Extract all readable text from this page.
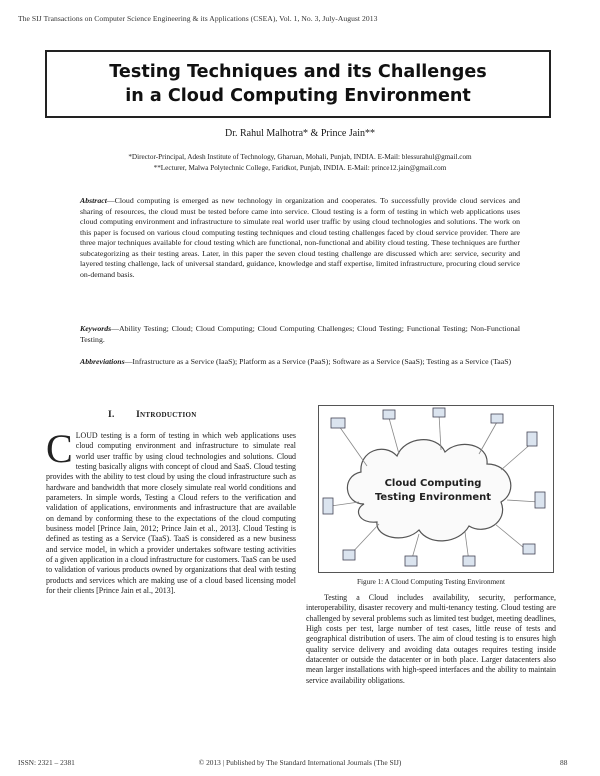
The SIJ Transactions on Computer Science Engineering & its Applications (CSEA), Vol. 1, No. 3, July-August 2013
Testing Techniques and its Challenges
in a Cloud Computing Environment
Dr. Rahul Malhotra* & Prince Jain**
*Director-Principal, Adesh Institute of Technology, Gharuan, Mohali, Punjab, INDIA. E-Mail: blessurahul@gmail.com
**Lecturer, Malwa Polytechnic College, Faridkot, Punjab, INDIA. E-Mail: prince12.jain@gmail.com
Abstract—Cloud computing is emerged as new technology in organization and cooperates. To successfully provide cloud services and sharing of resources, the cloud must be tested before came into service. Cloud testing is a form of testing in which web applications uses cloud computing environment and infrastructure to simulate real world user traffic by using cloud technologies and solutions. The work on this paper is focused on various cloud computing testing techniques and cloud testing challenges faced by cloud service provider. There are three major techniques available for cloud testing which are functional, non-functional and ability cloud testing. These techniques are further subcategorizing as their testing areas. Later, in this paper the seven cloud testing challenge are discussed which are: service, security and layered testing challenge, lack of universal standard, guidance, knowledge and staff expertise, limited infrastructure, procuring cloud service on-demand basis.
Keywords—Ability Testing; Cloud; Cloud Computing; Cloud Computing Challenges; Cloud Testing; Functional Testing; Non-Functional Testing.
Abbreviations—Infrastructure as a Service (IaaS); Platform as a Service (PaaS); Software as a Service (SaaS); Testing as a Service (TaaS)
I. Introduction
CLOUD testing is a form of testing in which web applications uses cloud computing environment and infrastructure to simulate real world user traffic by using cloud technologies and solutions. Cloud testing basically aligns with concept of cloud and SaaS. Cloud testing provides with the ability to test cloud by using the cloud infrastructure such as hardware and bandwidth that more closely simulate real world conditions and parameters. In simple words, Testing a Cloud refers to the verification and validation of applications, environments and infrastructure that are available on demand by conforming these to the expectations of the cloud computing business model [Prince Jain, 2012; Prince Jain et al., 2013]. Cloud Testing is defined as testing as a Service (TaaS). TaaS is considered as a new business and service model, in which a provider undertakes software testing activities of a given application in a cloud infrastructure for customers. TaaS can be used to validation of various products owned by organizations that deal with testing products and services which are making use of a cloud based licensing model for their clients [Prince Jain et al., 2013].
Cloud Computing
Testing Environment
Figure 1: A Cloud Computing Testing Environment
Testing a Cloud includes availability, security, performance, interoperability, disaster recovery and multi-tenancy testing. Cloud testing are challenged by several problems such as limited test budget, meeting deadlines, High costs per test, large number of test cases, little reuse of tests and geographical distribution of users. The aim of cloud testing is to ensures high quality service delivery and avoiding data outages requires testing inside datacenter or outside the datacenter or in both place. Larger datacenters also mean larger installations with high-speed interfaces and the ability to maintain service availability obligations.
ISSN: 2321 – 2381	© 2013 | Published by The Standard International Journals (The SIJ)	88
